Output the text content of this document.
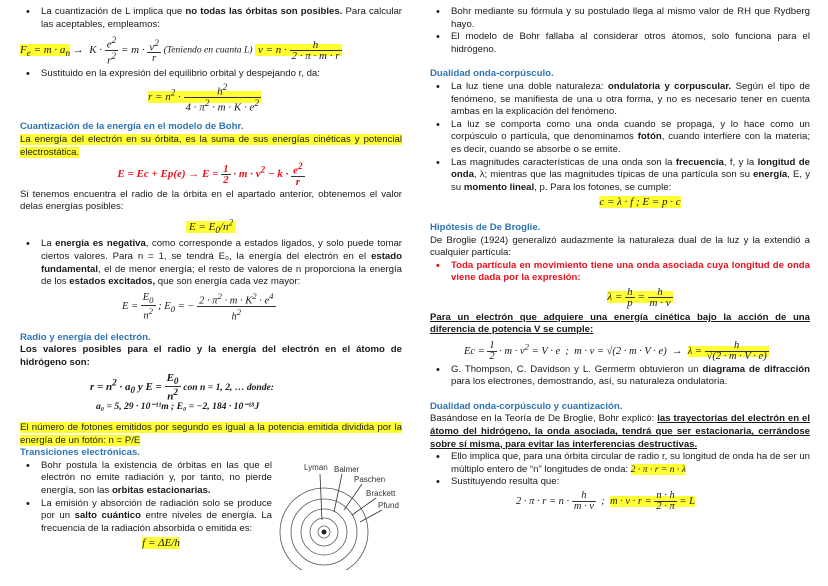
• La cuantización de L implica que no todas las órbitas son posibles. Para calcular las aceptables, empleamos:

$F_e = m \cdot a_n \to K \cdot \frac{e^2}{r^2} = m \cdot \frac{v^2}{r}$ (Teniendo en cuanta L)  $v = n \cdot \frac{h}{2 \cdot \pi \cdot m \cdot r}$

• Sustituido en la expresión del equilibrio orbital y despejando r, da:

$r = n^2 \cdot \frac{h^2}{4 \cdot \pi^2 \cdot m \cdot K \cdot e^2}$

Cuantización de la energía en el modelo de Bohr.

La energía del electrón en su órbita, es la suma de sus energías cinéticas y potencial electrostática.

$E = Ec + Ep(e) \to E = \frac{1}{2} \cdot m \cdot v^2 - k \cdot \frac{e^2}{r}$

Si tenemos encuentra el radio de la órbita en el apartado anterior, obtenemos el valor delas energías posibles:

$E = E_0/n^2$

• La energía es negativa, como corresponde a estados ligados, y solo puede tomar ciertos valores. Para n = 1, se tendrá E₀, la energía del electrón en el estado fundamental, el de menor energía; el resto de valores de n proporciona la energía de los estados excitados, que son energía cada vez mayor:

$E = \frac{E_0}{n^2}$ ; $E_0$ = − $\frac{2 \cdot \pi^2 \cdot m \cdot K^2 \cdot e^4}{h^2}$

Radio y energía del electrón.

Los valores posibles para el radio y la energía del electrón en el átomo de hidrógeno son:

$r = n^2 \cdot a_0$ y $E = \frac{E_0}{n^2}$ con n = 1, 2, … donde:

a₀ = 5, 29 · 10⁻¹¹m ; E₀ = −2, 184 · 10⁻¹⁸J

El número de fotones emitidos por segundo es igual a la potencia emitida dividida por la energía de un fotón: n = P/E

Transiciones electrónicas.

• Bohr postula la existencia de órbitas en las que el electrón no emite radiación y, por tanto, no pierde energía, son las orbitas estacionarias.

• La emisión y absorción de radiación solo se produce por un salto cuántico entre niveles de energía. La frecuencia de la radiación absorbida o emitida es:

f = ΔE/h

Lyman Balmer
Paschen
Brackett
Pfund

• Bohr mediante su fórmula y su postulado llega al mismo valor de RH que Rydberg hayo.

• El modelo de Bohr fallaba al considerar otros átomos, solo funciona para el hidrógeno.

Dualidad onda-corpúsculo.

• La luz tiene una doble naturaleza: ondulatoria y corpuscular. Según el tipo de fenómeno, se manifiesta de una u otra forma, y no es necesario tener en cuenta ambas en la explicación del fenómeno.

• La luz se comporta como una onda cuando se propaga, y lo hace como un corpúsculo o partícula, que denominamos fotón, cuando interfiere con la materia; es decir, cuando se absorbe o se emite.

• Las magnitudes características de una onda son la frecuencia, f, y la longitud de onda, λ; mientras que las magnitudes típicas de una partícula son su energía, E, y su momento lineal, p. Para los fotones, se cumple:

c = λ · f ; E = p · c

Hipótesis de De Broglie.

De Broglie (1924) generalizó audazmente la naturaleza dual de la luz y la extendió a cualquier partícula:

• Toda partícula en movimiento tiene una onda asociada cuya longitud de onda viene dada por la expresión:

$\lambda = \frac{h}{p} = \frac{h}{m \cdot v}$

Para un electrón que adquiere una energía cinética bajo la acción de una diferencia de potencia V se cumple:

$Ec = \frac{1}{2} \cdot m \cdot v^2 = V \cdot e$  ;  $m \cdot v = √(2 \cdot m \cdot V \cdot e) \to \lambda = \frac{h}{√(2 \cdot m \cdot V \cdot e)}$

• G. Thompson, C. Davidson y L. Germerm obtuvieron un diagrama de difracción para los electrones, demostrando, así, su naturaleza ondulatoria.

Dualidad onda-corpúsculo y cuantización.

Basándose en la Teoría de De Broglie, Bohr explicó: las trayectorias del electrón en el átomo del hidrógeno, la onda asociada, tendrá que ser estacionaria, cerrándose sobre sí misma, para evitar las interferencias destructivas.

• Ello implica que, para una órbita circular de radio r, su longitud de onda ha de ser un múltiplo entero de “n” longitudes de onda: 2 · π · r = n · λ

• Sustituyendo resulta que:

$2 \cdot \pi \cdot r = n \cdot \frac{h}{m \cdot v}$ ;  $m \cdot v \cdot r = \frac{n \cdot h}{2 \cdot \pi} = L$
